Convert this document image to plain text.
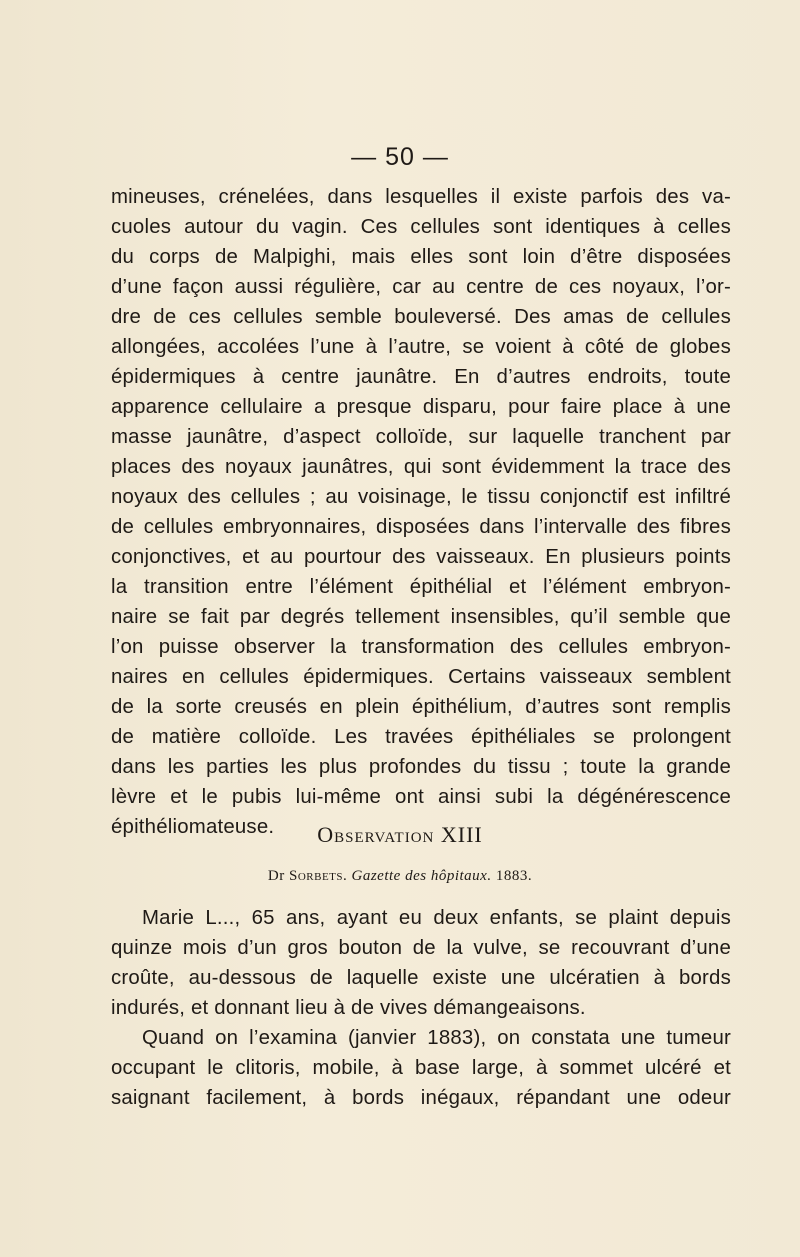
— 50 —
mineuses, crénelées, dans lesquelles il existe parfois des va-
cuoles autour du vagin. Ces cellules sont identiques à celles
du corps de Malpighi, mais elles sont loin d’être disposées
d’une façon aussi régulière, car au centre de ces noyaux, l’or-
dre de ces cellules semble bouleversé. Des amas de cellules
allongées, accolées l’une à l’autre, se voient à côté de globes
épidermiques à centre jaunâtre. En d’autres endroits, toute
apparence cellulaire a presque disparu, pour faire place à une
masse jaunâtre, d’aspect colloïde, sur laquelle tranchent par
places des noyaux jaunâtres, qui sont évidemment la trace des
noyaux des cellules ; au voisinage, le tissu conjonctif est infiltré
de cellules embryonnaires, disposées dans l’intervalle des fibres
conjonctives, et au pourtour des vaisseaux. En plusieurs points
la transition entre l’élément épithélial et l’élément embryon-
naire se fait par degrés tellement insensibles, qu’il semble que
l’on puisse observer la transformation des cellules embryon-
naires en cellules épidermiques. Certains vaisseaux semblent
de la sorte creusés en plein épithélium, d’autres sont remplis
de matière colloïde. Les travées épithéliales se prolongent
dans les parties les plus profondes du tissu ; toute la grande
lèvre et le pubis lui-même ont ainsi subi la dégénérescence
épithéliomateuse.	Observation XIII
Dr Sorbets. Gazette des hôpitaux. 1883.
Marie L..., 65 ans, ayant eu deux enfants, se plaint depuis
quinze mois d’un gros bouton de la vulve, se recouvrant d’une
croûte, au-dessous de laquelle existe une ulcératien à bords
indurés, et donnant lieu à de vives démangeaisons.
Quand on l’examina (janvier 1883), on constata une tumeur
occupant le clitoris, mobile, à base large, à sommet ulcéré et
saignant facilement, à bords inégaux, répandant une odeur
